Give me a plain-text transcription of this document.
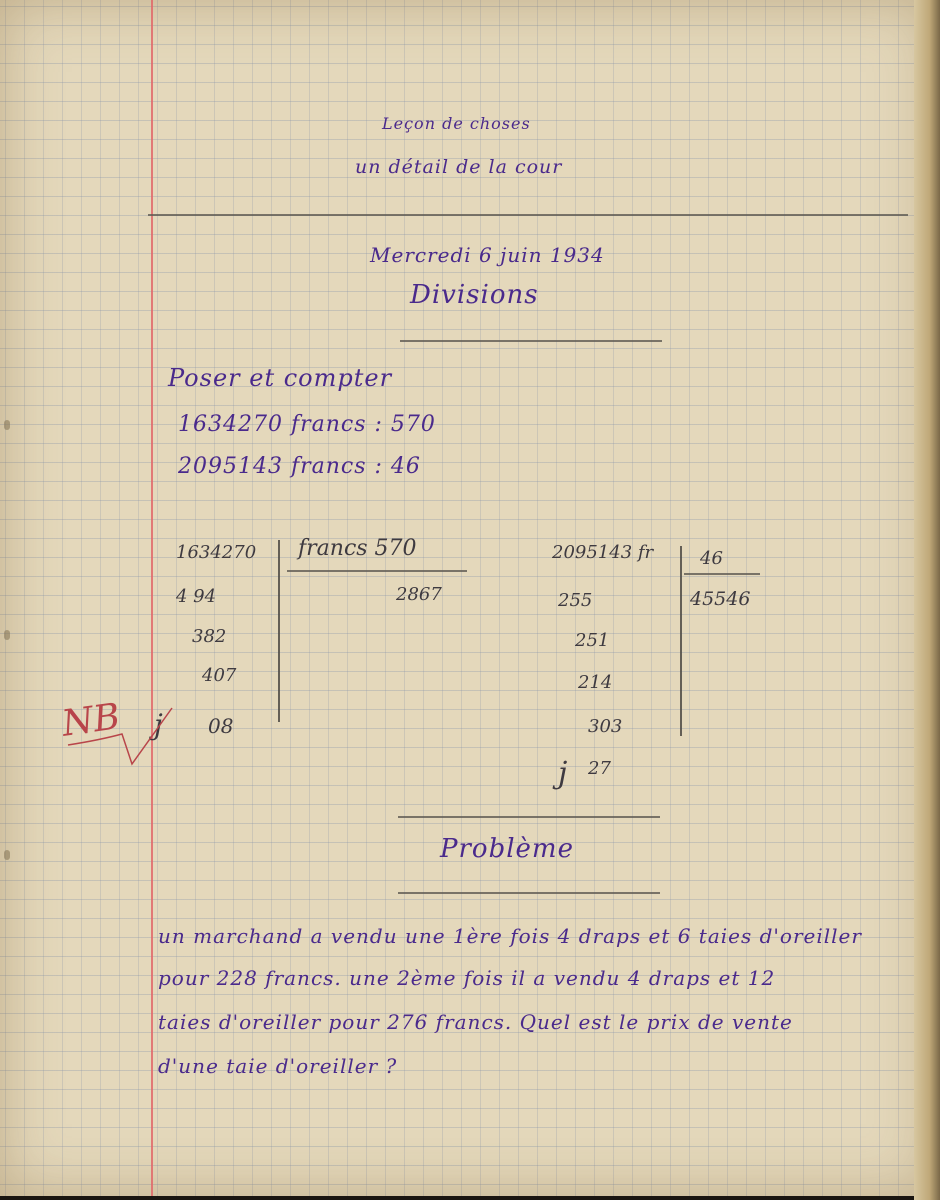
Leçon de choses
un détail de la cour
Mercredi 6 juin 1934
Divisions
Poser et compter
1634270 francs : 570
2095143 francs : 46
1634270 francs 570
2867
4 94
382
407
j 08
NB
2095143 fr	46
45546
255
251
214
303
j 27
Problème
un marchand a vendu une 1ère fois 4 draps et 6 taies d'oreiller
pour 228 francs. une 2ème fois il a vendu 4 draps et 12
taies d'oreiller pour 276 francs. Quel est le prix de vente
d'une taie d'oreiller ?
